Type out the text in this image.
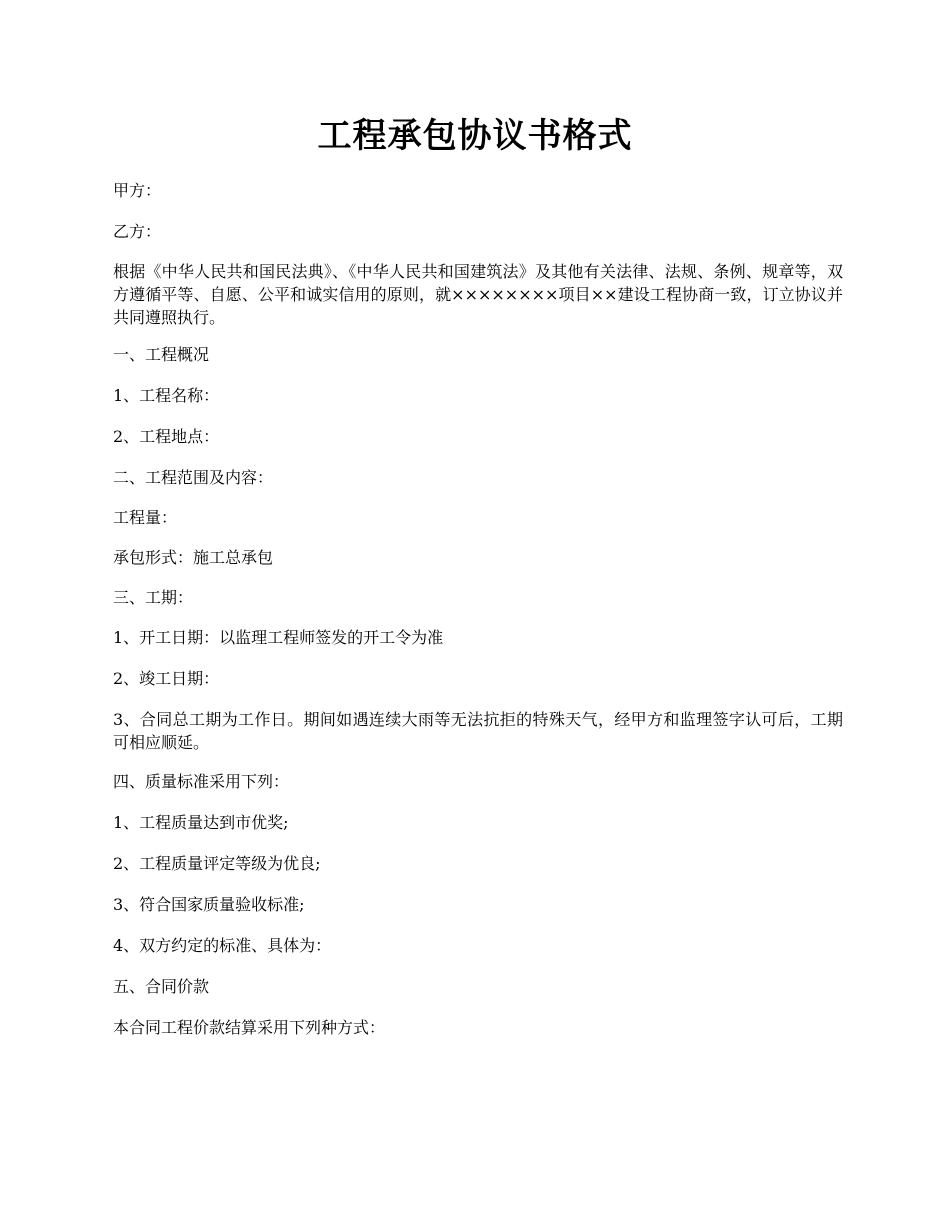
工程承包协议书格式

甲方：

乙方：

根据《中华人民共和国民法典》、《中华人民共和国建筑法》及其他有关法律、法规、条例、规章等，双方遵循平等、自愿、公平和诚实信用的原则，就××××××××项目××建设工程协商一致，订立协议并共同遵照执行。

一、工程概况

1、工程名称：

2、工程地点：

二、工程范围及内容：

工程量：

承包形式：施工总承包

三、工期：

1、开工日期：以监理工程师签发的开工令为准

2、竣工日期：

3、合同总工期为工作日。期间如遇连续大雨等无法抗拒的特殊天气，经甲方和监理签字认可后，工期可相应顺延。

四、质量标准采用下列：

1、工程质量达到市优奖;

2、工程质量评定等级为优良;

3、符合国家质量验收标准;

4、双方约定的标准、具体为：

五、合同价款

本合同工程价款结算采用下列种方式：
